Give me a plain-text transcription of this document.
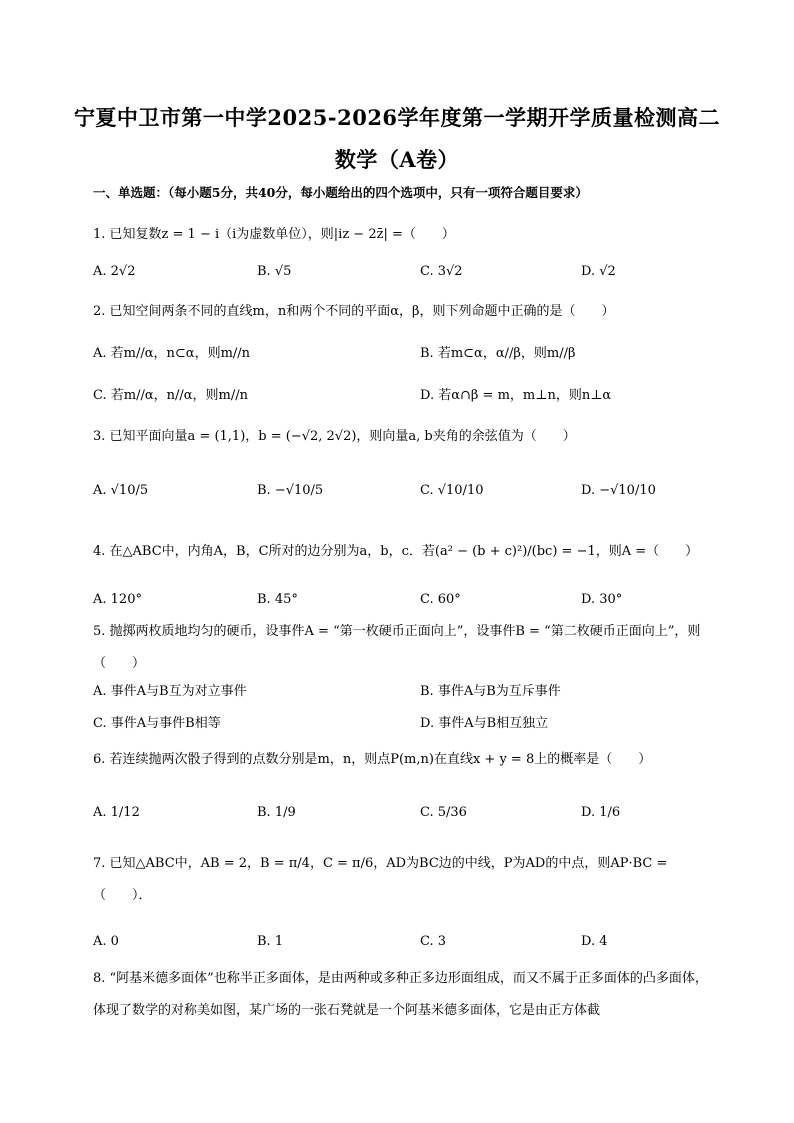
宁夏中卫市第一中学2025-2026学年度第一学期开学质量检测高二
数学（A卷）
一、单选题：（每小题5分，共40分，每小题给出的四个选项中，只有一项符合题目要求）
1. 已知复数z = 1 − i（i为虚数单位），则|iz − 2z̄| =（　　）
A. 2√2	B. √5	C. 3√2	D. √2
2. 已知空间两条不同的直线m，n和两个不同的平面α，β，则下列命题中正确的是（　　）
A. 若m//α，n⊂α，则m//n	B. 若m⊂α，α//β，则m//β
C. 若m//α，n//α，则m//n	D. 若α∩β = m，m⊥n，则n⊥α
3. 已知平面向量a = (1,1)，b = (−√2, 2√2)，则向量a, b夹角的余弦值为（　　）
A. √10/5	B. −√10/5	C. √10/10	D. −√10/10
4. 在△ABC中，内角A，B，C所对的边分别为a，b，c．若(a² − (b + c)²)/(bc) = −1，则A =（　　）
A. 120°	B. 45°	C. 60°	D. 30°
5. 抛掷两枚质地均匀的硬币，设事件A = “第一枚硬币正面向上”，设事件B = “第二枚硬币正面向上”，则（　　）
A. 事件A与B互为对立事件	B. 事件A与B为互斥事件
C. 事件A与事件B相等	D. 事件A与B相互独立
6. 若连续抛两次骰子得到的点数分别是m，n，则点P(m,n)在直线x + y = 8上的概率是（　　）
A. 1/12	B. 1/9	C. 5/36	D. 1/6
7. 已知△ABC中，AB = 2，B = π/4，C = π/6，AD为BC边的中线，P为AD的中点，则AP·BC =（　　）．
A. 0	B. 1	C. 3	D. 4
8. “阿基米德多面体”也称半正多面体，是由两种或多种正多边形面组成，而又不属于正多面体的凸多面体，体现了数学的对称美如图，某广场的一张石凳就是一个阿基米德多面体，它是由正方体截
